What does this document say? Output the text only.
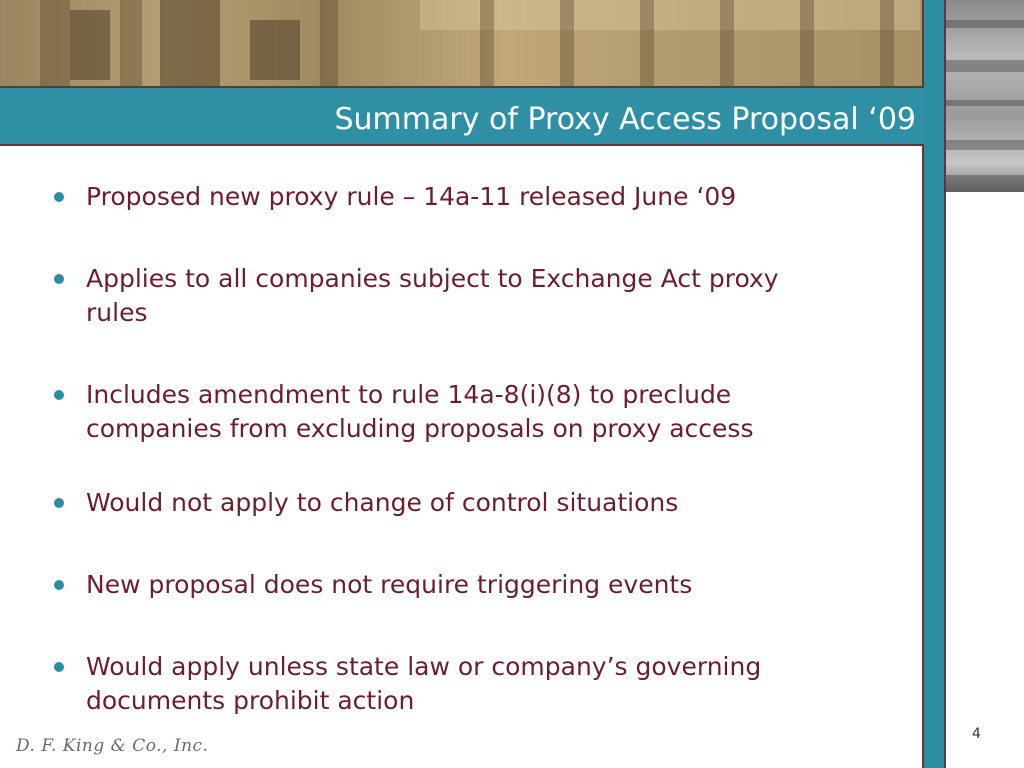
Summary of Proxy Access Proposal ‘09
Proposed new proxy rule – 14a-11 released June ‘09
Applies to all companies subject to Exchange Act proxy rules
Includes amendment to rule 14a-8(i)(8) to preclude companies from excluding proposals on proxy access
Would not apply to change of control situations
New proposal does not require triggering events
Would apply unless state law or company’s governing documents prohibit action
4
D. F. King & Co., Inc.
